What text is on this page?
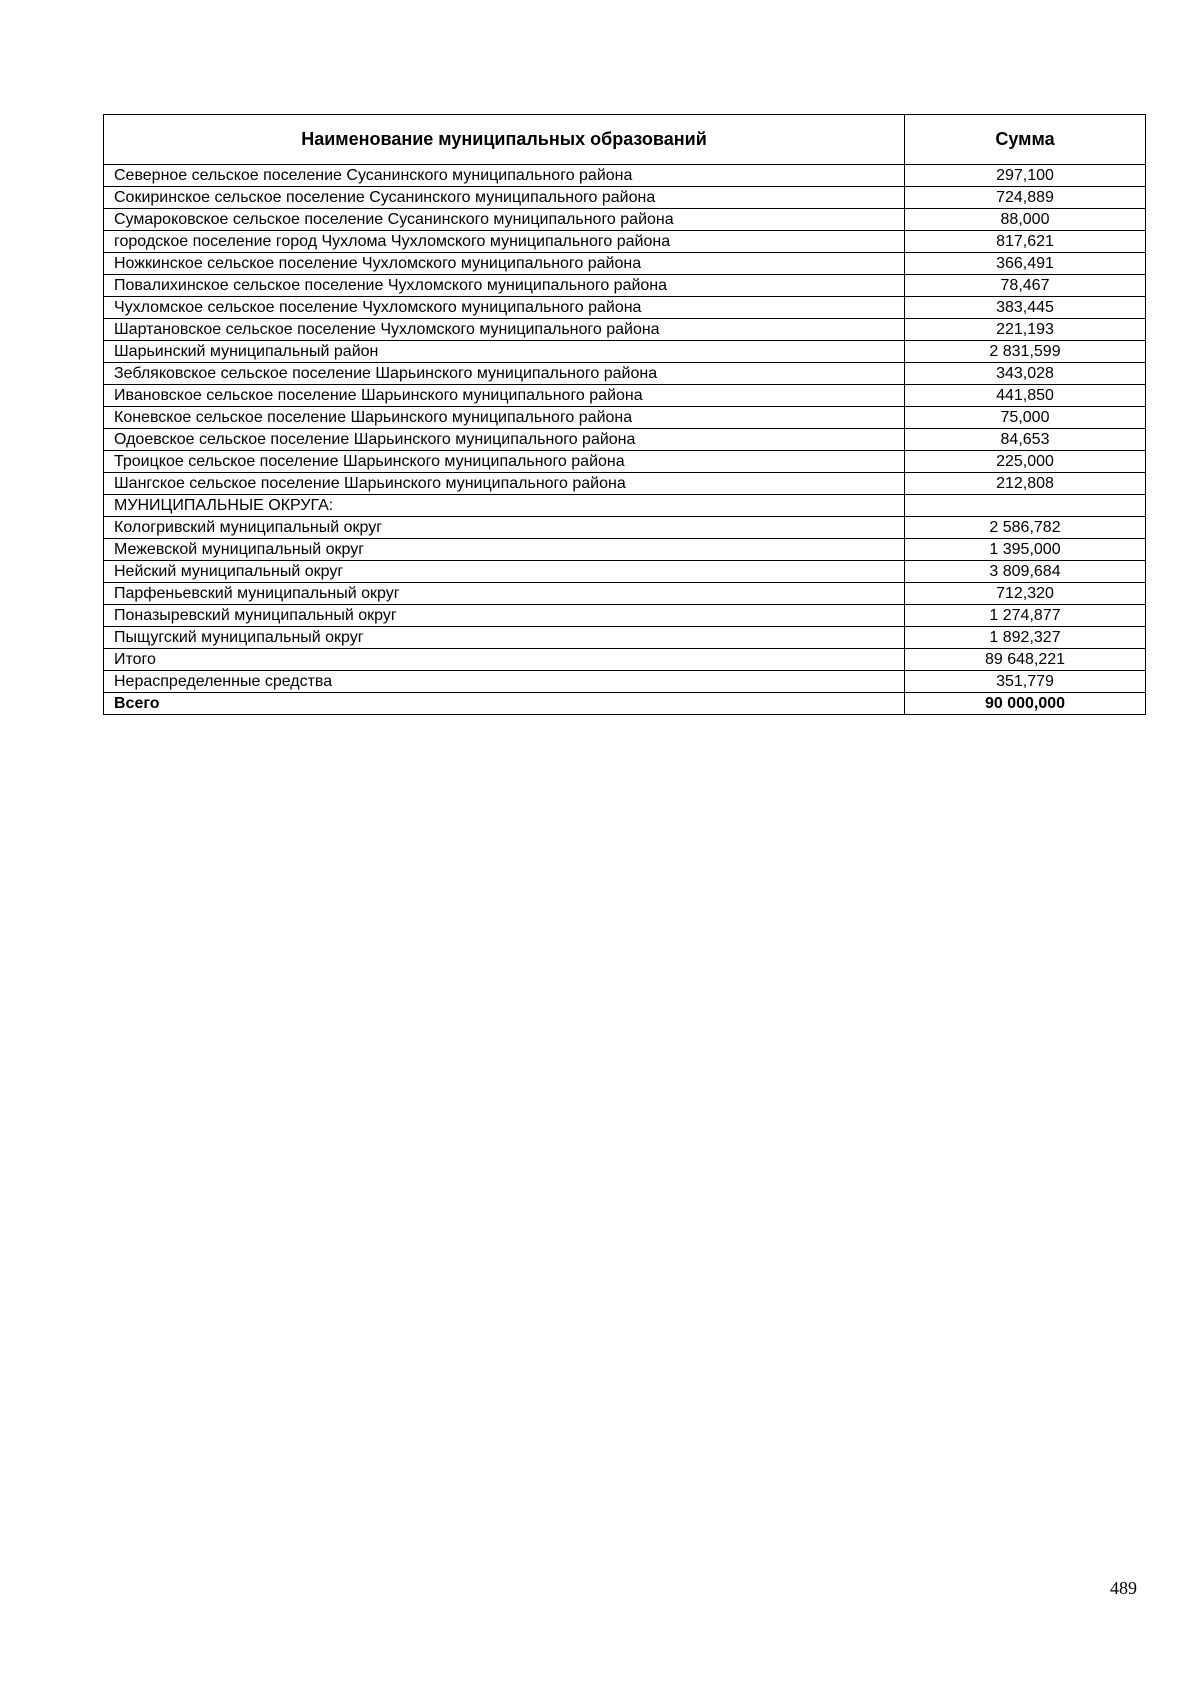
Наименование муниципальных образований	Сумма
Северное сельское поселение Сусанинского муниципального района	297,100
Сокиринское сельское поселение Сусанинского муниципального района	724,889
Сумароковское сельское поселение Сусанинского муниципального района	88,000
городское поселение город Чухлома Чухломского муниципального района	817,621
Ножкинское сельское поселение Чухломского муниципального района	366,491
Повалихинское сельское поселение Чухломского муниципального района	78,467
Чухломское сельское поселение Чухломского муниципального района	383,445
Шартановское сельское поселение Чухломского муниципального района	221,193
Шарьинский муниципальный район	2 831,599
Зебляковское сельское поселение Шарьинского муниципального района	343,028
Ивановское сельское поселение Шарьинского муниципального района	441,850
Коневское сельское поселение Шарьинского муниципального района	75,000
Одоевское сельское поселение Шарьинского муниципального района	84,653
Троицкое сельское поселение Шарьинского муниципального района	225,000
Шангское сельское поселение Шарьинского муниципального района	212,808
МУНИЦИПАЛЬНЫЕ ОКРУГА:	
Кологривский муниципальный округ	2 586,782
Межевской муниципальный округ	1 395,000
Нейский муниципальный округ	3 809,684
Парфеньевский муниципальный округ	712,320
Поназыревский муниципальный округ	1 274,877
Пыщугский муниципальный округ	1 892,327
Итого	89 648,221
Нераспределенные средства	351,779
Всего	90 000,000
489
